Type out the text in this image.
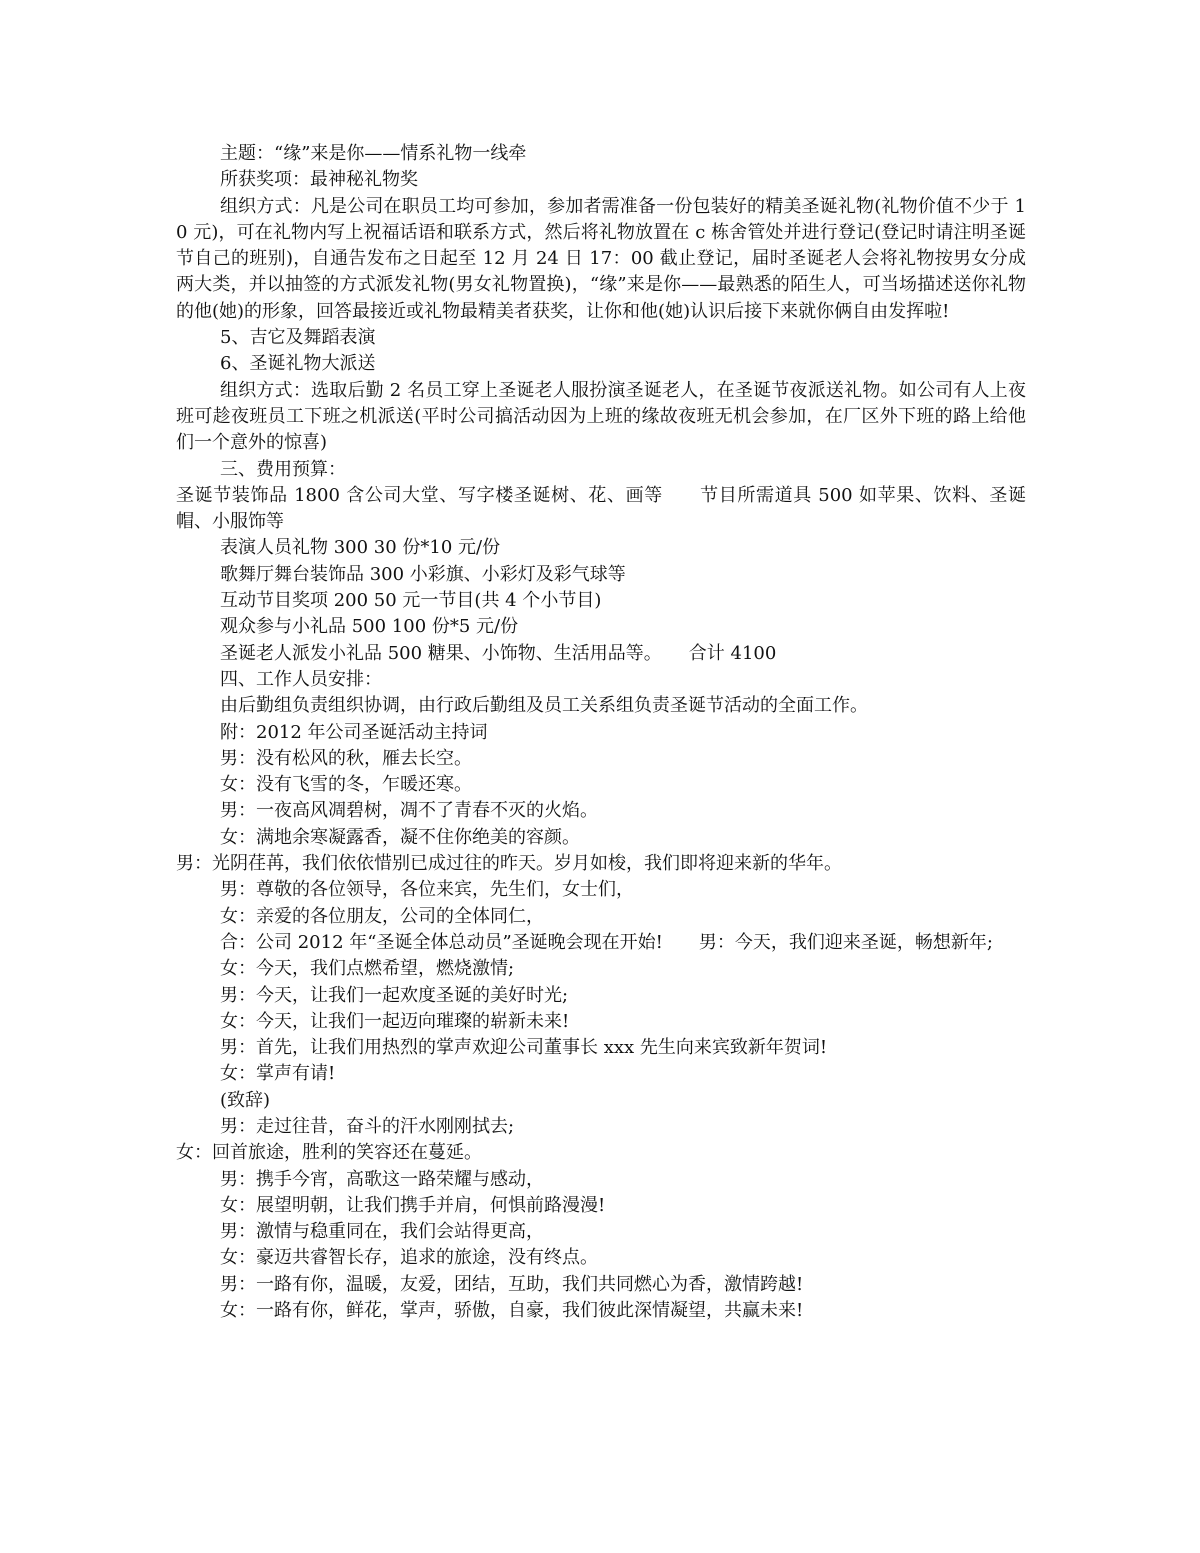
主题：“缘”来是你——情系礼物一线牵

所获奖项：最神秘礼物奖

组织方式：凡是公司在职员工均可参加，参加者需准备一份包装好的精美圣诞礼物(礼物价值不少于 10 元)，可在礼物内写上祝福话语和联系方式，然后将礼物放置在 c 栋舍管处并进行登记(登记时请注明圣诞节自己的班别)，自通告发布之日起至 12 月 24 日 17：00 截止登记，届时圣诞老人会将礼物按男女分成两大类，并以抽签的方式派发礼物(男女礼物置换)，“缘”来是你——最熟悉的陌生人，可当场描述送你礼物的他(她)的形象，回答最接近或礼物最精美者获奖，让你和他(她)认识后接下来就你俩自由发挥啦!

5、吉它及舞蹈表演

6、圣诞礼物大派送

组织方式：选取后勤 2 名员工穿上圣诞老人服扮演圣诞老人，在圣诞节夜派送礼物。如公司有人上夜班可趁夜班员工下班之机派送(平时公司搞活动因为上班的缘故夜班无机会参加，在厂区外下班的路上给他们一个意外的惊喜)

三、费用预算：

圣诞节装饰品 1800 含公司大堂、写字楼圣诞树、花、画等　　节目所需道具 500 如苹果、饮料、圣诞帽、小服饰等

表演人员礼物 300 30 份*10 元/份

歌舞厅舞台装饰品 300 小彩旗、小彩灯及彩气球等

互动节目奖项 200 50 元一节目(共 4 个小节目)

观众参与小礼品 500 100 份*5 元/份

圣诞老人派发小礼品 500 糖果、小饰物、生活用品等。　　合计 4100

四、工作人员安排：

由后勤组负责组织协调，由行政后勤组及员工关系组负责圣诞节活动的全面工作。

附：2012 年公司圣诞活动主持词

男：没有松风的秋，雁去长空。

女：没有飞雪的冬，乍暖还寒。

男：一夜高风凋碧树，凋不了青春不灭的火焰。

女：满地余寒凝露香，凝不住你绝美的容颜。

男：光阴荏苒，我们依依惜别已成过往的昨天。岁月如梭，我们即将迎来新的华年。

男：尊敬的各位领导，各位来宾，先生们，女士们，

女：亲爱的各位朋友，公司的全体同仁，

合：公司 2012 年“圣诞全体总动员”圣诞晚会现在开始!　　男：今天，我们迎来圣诞，畅想新年;

女：今天，我们点燃希望，燃烧激情;

男：今天，让我们一起欢度圣诞的美好时光;

女：今天，让我们一起迈向璀璨的崭新未来!

男：首先，让我们用热烈的掌声欢迎公司董事长 xxx 先生向来宾致新年贺词!

女：掌声有请!

(致辞)

男：走过往昔，奋斗的汗水刚刚拭去;

女：回首旅途，胜利的笑容还在蔓延。

男：携手今宵，高歌这一路荣耀与感动，

女：展望明朝，让我们携手并肩，何惧前路漫漫!

男：激情与稳重同在，我们会站得更高，

女：豪迈共睿智长存，追求的旅途，没有终点。

男：一路有你，温暖，友爱，团结，互助，我们共同燃心为香，激情跨越!

女：一路有你，鲜花，掌声，骄傲，自豪，我们彼此深情凝望，共赢未来!
